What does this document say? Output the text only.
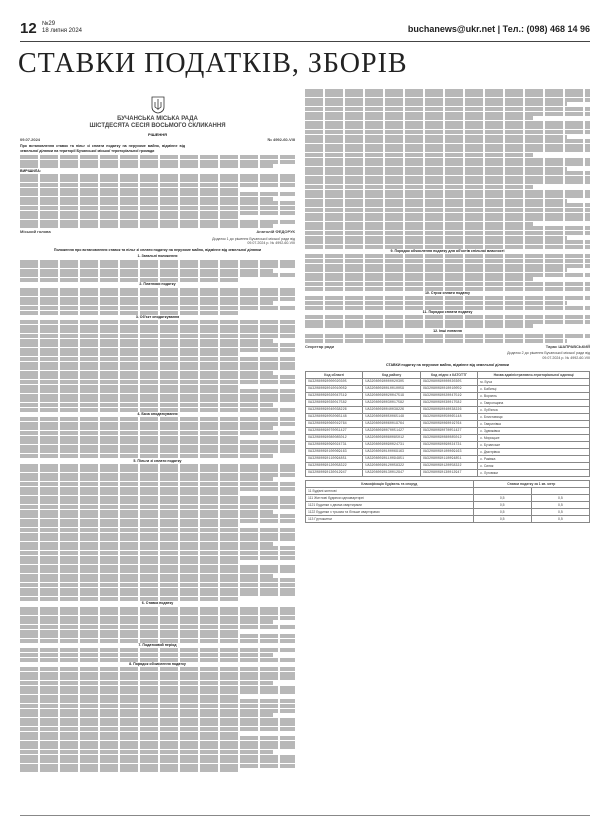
12 №29
18 липня 2024	buchanews@ukr.net | Тел.: (098) 468 14 96
СТАВКИ ПОДАТКІВ, ЗБОРІВ
БУЧАНСЬКА МІСЬКА РАДА
ШІСТДЕСЯТА СЕСІЯ ВОСЬМОГО СКЛИКАННЯ
РІШЕННЯ
09.07.2024	№ 4992-60-VIII
Про встановлення ставок та пільг зі сплати податку на нерухоме майно, відмінне від земельної ділянки на території Бучанської міської територіальної громади
ВИРІШИЛА:
Міський голова	Анатолій ФЕДОРУК
Додаток 1 до рішення Бучанської міської ради від 09.07.2024 р. № 4992-60-VIII
Положення про встановлення ставок та пільг зі сплати податку на нерухоме майно, відмінне від земельної ділянки
1. Загальні положення
2. Платники податку
3. Об'єкт оподаткування
4. База оподаткування
5. Пільги зі сплати податку
6. Ставка податку
7. Податковий період
8. Порядок обчислення податку
9. Порядок обчислення податку для об'єктів спільної власності
10. Строк сплати податку
11. Порядок сплати податку
12. Інші питання
Секретар ради	Тарас ШАПРАВСЬКИЙ
Додаток 2 до рішення Бучанської міської ради від 09.07.2024 р. № 4992-60-VIII
СТАВКИ податку на нерухоме майно, відмінне від земельної ділянки
Код області	Код району	Код згідно з КАТОТТГ	Назва адміністративно-територіальної одиниці
UA32080090000020305	UA32080090000020305	UA32080090000020305	м. Буча
UA32080090010010059	UA32080090010010059	UA32080090010010059	с. Бабинці
UA32080090020047519	UA32080090020047519	UA32080090020047519	с. Ворзель
UA32080090030017582	UA32080090030017582	UA32080090030017582	с. Гавронщина
UA32080090040038226	UA32080090040038226	UA32080090040038226	с. Луб'янка
UA32080090050065148	UA32080090050065148	UA32080090050065148	с. Блиставиця
UA32080090060019764	UA32080090060019764	UA32080090060019764	с. Гаврилівка
UA32080090070051427	UA32080090070051427	UA32080090070051427	с. Здвижівка
UA32080090080085012	UA32080090080085012	UA32080090080085012	с. Мироцьке
UA32080090090024731	UA32080090090024731	UA32080090090024731	с. Бучанське
UA32080090100069163	UA32080090100069163	UA32080090100069163	с. Дмитрівка
UA32080090110094851	UA32080090110094851	UA32080090110094851	с. Раківка
UA32080090120058322	UA32080090120058322	UA32080090120058322	с. Синяк
UA32080090130012947	UA32080090130012947	UA32080090130012947	с. Луговики
Класифікація будівель та споруд	Ставки податку за 1 кв. метр	
11 Будівлі житлові		
111 Житлові будинки одноквартирні	0,5	0,5
1121 Будинки з двома квартирами	0,5	0,5
1122 Будинки з трьома та більше квартирами	0,5	0,5
113 Гуртожитки	0,5	0,5
